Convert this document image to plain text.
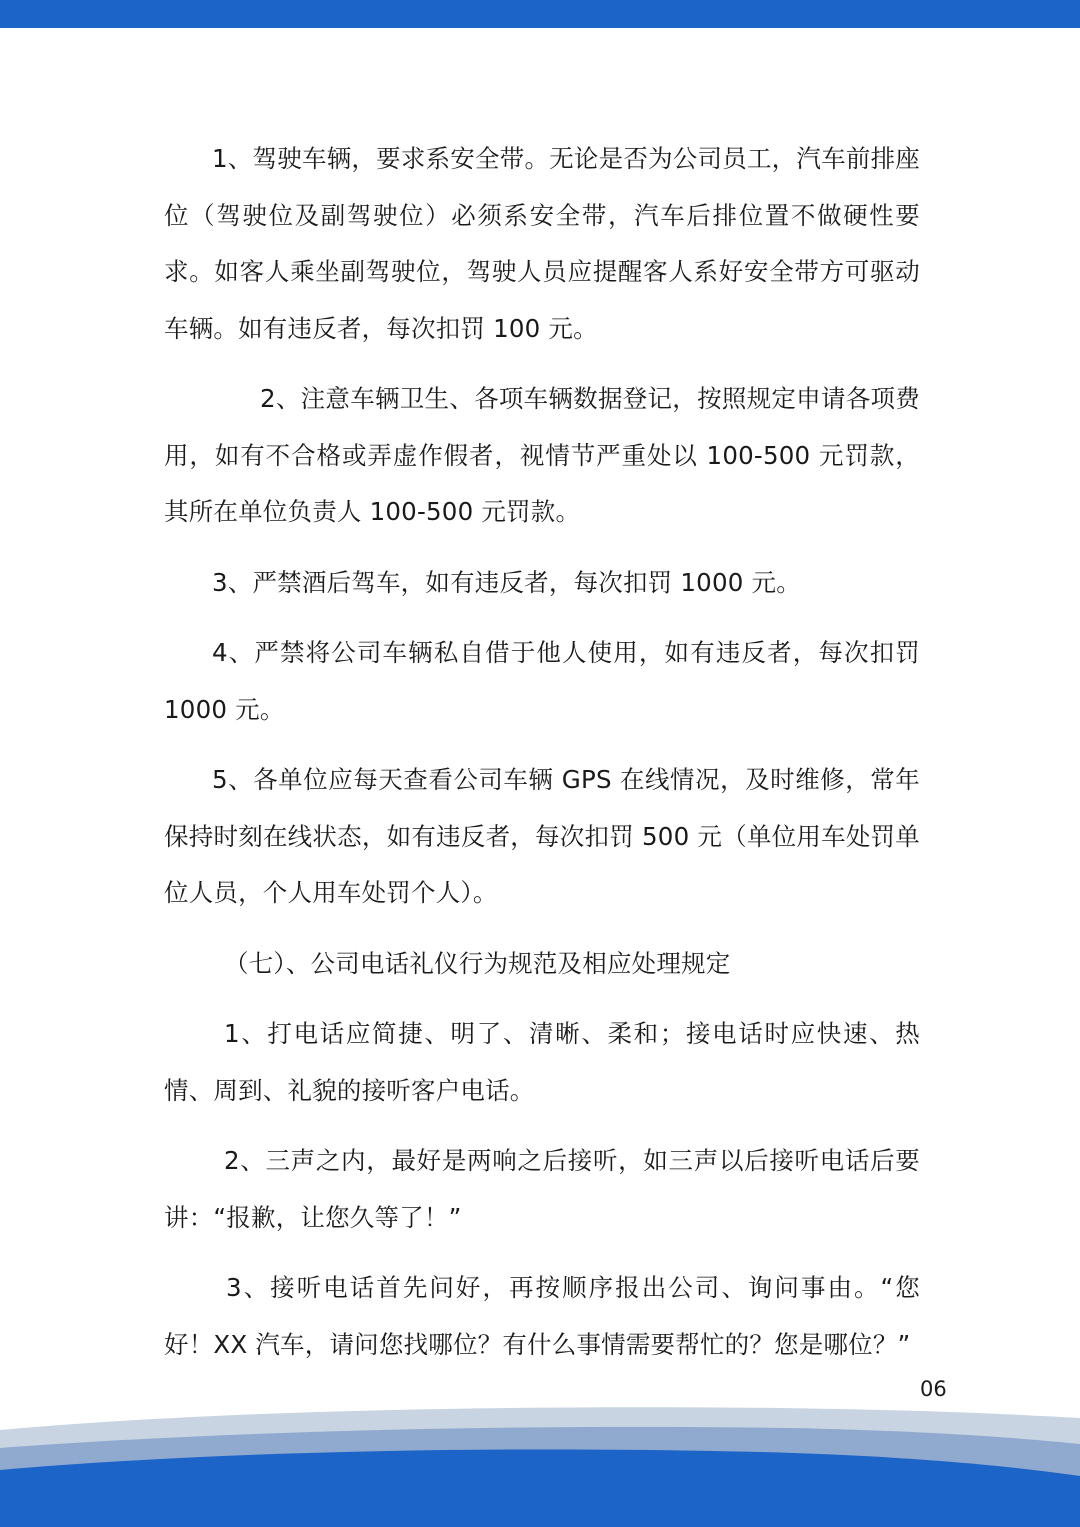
1、驾驶车辆，要求系安全带。无论是否为公司员工，汽车前排座位（驾驶位及副驾驶位）必须系安全带，汽车后排位置不做硬性要求。如客人乘坐副驾驶位，驾驶人员应提醒客人系好安全带方可驱动车辆。如有违反者，每次扣罚 100 元。

2、注意车辆卫生、各项车辆数据登记，按照规定申请各项费用，如有不合格或弄虚作假者，视情节严重处以 100-500 元罚款，其所在单位负责人 100-500 元罚款。

3、严禁酒后驾车，如有违反者，每次扣罚 1000 元。

4、严禁将公司车辆私自借于他人使用，如有违反者，每次扣罚 1000 元。

5、各单位应每天查看公司车辆 GPS 在线情况，及时维修，常年保持时刻在线状态，如有违反者，每次扣罚 500 元（单位用车处罚单位人员，个人用车处罚个人）。

（七）、公司电话礼仪行为规范及相应处理规定

1、打电话应简捷、明了、清晰、柔和；接电话时应快速、热情、周到、礼貌的接听客户电话。

2、三声之内，最好是两响之后接听，如三声以后接听电话后要讲：“报歉，让您久等了！”

3、接听电话首先问好，再按顺序报出公司、询问事由。“您好！XX 汽车，请问您找哪位？有什么事情需要帮忙的？您是哪位？”

06
